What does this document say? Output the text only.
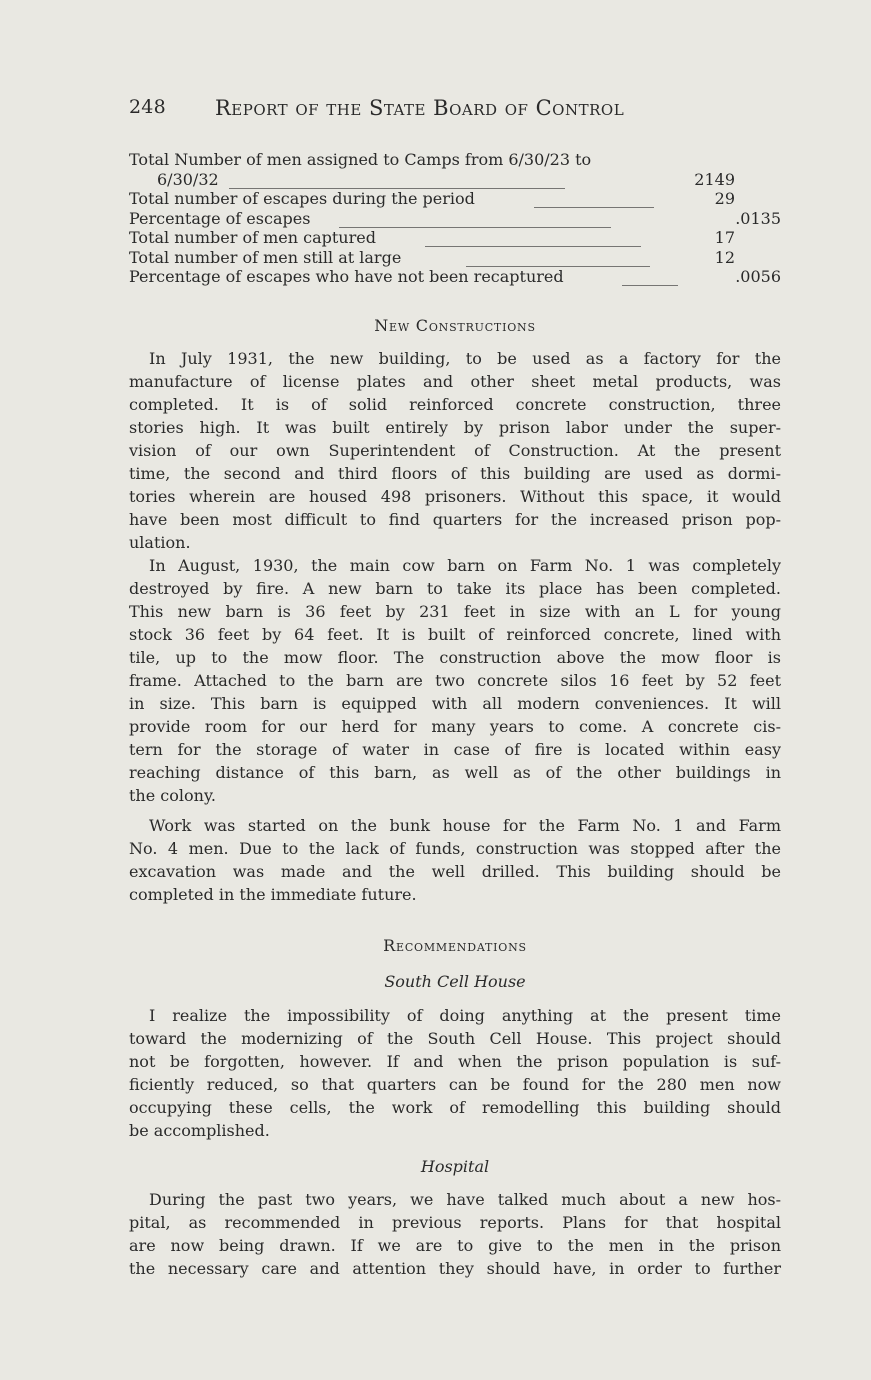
248 Report of the State Board of Control
Total Number of men assigned to Camps from 6/30/23 to
6/30/32 __________________________________________	2149
Total number of escapes during the period	_______________	29
Percentage of escapes __________________________________	.0135
Total number of men captured	___________________________	17
Total number of men still at large	_______________________	12
Percentage of escapes who have not been recaptured	_______	.0056
New Constructions
In July 1931, the new building, to be used as a factory for the
manufacture of license plates and other sheet metal products, was
completed. It is of solid reinforced concrete construction, three
stories high. It was built entirely by prison labor under the super-
vision of our own Superintendent of Construction. At the present
time, the second and third floors of this building are used as dormi-
tories wherein are housed 498 prisoners. Without this space, it would
have been most difficult to find quarters for the increased prison pop-
ulation.
In August, 1930, the main cow barn on Farm No. 1 was completely
destroyed by fire. A new barn to take its place has been completed.
This new barn is 36 feet by 231 feet in size with an L for young
stock 36 feet by 64 feet. It is built of reinforced concrete, lined with
tile, up to the mow floor. The construction above the mow floor is
frame. Attached to the barn are two concrete silos 16 feet by 52 feet
in size. This barn is equipped with all modern conveniences. It will
provide room for our herd for many years to come. A concrete cis-
tern for the storage of water in case of fire is located within easy
reaching distance of this barn, as well as of the other buildings in
the colony.
Work was started on the bunk house for the Farm No. 1 and Farm
No. 4 men. Due to the lack of funds, construction was stopped after the
excavation was made and the well drilled. This building should be
completed in the immediate future.
Recommendations
South Cell House
I realize the impossibility of doing anything at the present time
toward the modernizing of the South Cell House. This project should
not be forgotten, however. If and when the prison population is suf-
ficiently reduced, so that quarters can be found for the 280 men now
occupying these cells, the work of remodelling this building should
be accomplished.
Hospital
During the past two years, we have talked much about a new hos-
pital, as recommended in previous reports. Plans for that hospital
are now being drawn. If we are to give to the men in the prison
the necessary care and attention they should have, in order to further
